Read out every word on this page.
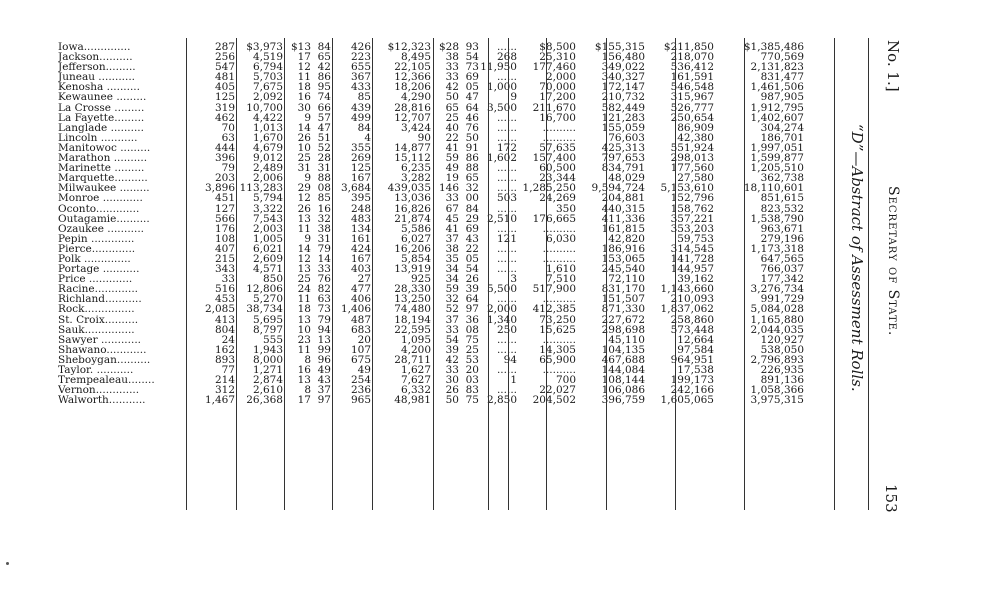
Iowa..............	287	$3,973	$13	84	426	$12,323	$28	93	......	$8,500	$155,315	$211,850	$1,385,486
Jackson..........	256	4,519	17	65	223	8,495	38	54	268	25,310	156,480	218,070	770,569
Jefferson.........	547	6,794	12	42	655	22,105	33	73	11,950	177,460	349,022	536,412	2,131,823
Juneau ...........	481	5,703	11	86	367	12,366	33	69	......	2,000	340,327	161,591	831,477
Kenosha ..........	405	7,675	18	95	433	18,206	42	05	1,000	70,000	172,147	546,548	1,461,506
Kewaunee .........	125	2,092	16	74	85	4,290	50	47	9	17,200	210,732	315,967	987,905
La Crosse .........	319	10,700	30	66	439	28,816	65	64	3,500	211,670	582,449	526,777	1,912,795
La Fayette.........	462	4,422	9	57	499	12,707	25	46	......	16,700	121,283	250,654	1,402,607
Langlade ..........	70	1,013	14	47	84	3,424	40	76	......	..........	155,059	86,909	304,274
Lincoln ...........	63	1,670	26	51	4	90	22	50	......	..........	76,603	42,380	186,701
Manitowoc .........	444	4,679	10	52	355	14,877	41	91	172	57,635	425,313	551,924	1,997,051
Marathon ..........	396	9,012	25	28	269	15,112	59	86	1,602	157,400	797,653	298,013	1,599,877
Marinette .........	79	2,489	31	31	125	6,235	49	88	......	60,500	834,791	177,560	1,205,510
Marquette..........	203	2,006	9	88	167	3,282	19	65	......	23,344	48,029	27,580	362,738
Milwaukee .........	3,896	113,283	29	08	3,684	439,035	146	32	......	1,285,250	9,594,724	5,153,610	18,110,601
Monroe ............	451	5,794	12	85	395	13,036	33	00	503	24,269	204,881	152,796	851,615
Oconto.............	127	3,322	26	16	248	16,826	67	84	......	350	440,315	158,762	823,532
Outagamie..........	566	7,543	13	32	483	21,874	45	29	2,510	176,665	411,336	357,221	1,538,790
Ozaukee ...........	176	2,003	11	38	134	5,586	41	69	......	..........	161,815	353,203	963,671
Pepin .............	108	1,005	9	31	161	6,027	37	43	121	6,030	42,820	59,753	279,196
Pierce.............	407	6,021	14	79	424	16,206	38	22	......	..........	186,916	314,545	1,173,318
Polk ..............	215	2,609	12	14	167	5,854	35	05	......	..........	153,065	141,728	647,565
Portage ...........	343	4,571	13	33	403	13,919	34	54	......	1,610	245,540	144,957	766,037
Price .............	33	850	25	76	27	925	34	26	3	7,510	72,110	39,162	177,342
Racine.............	516	12,806	24	82	477	28,330	59	39	5,500	517,900	831,170	1,143,660	3,276,734
Richland...........	453	5,270	11	63	406	13,250	32	64	......	..........	151,507	210,093	991,729
Rock...............	2,085	38,734	18	73	1,406	74,480	52	97	2,000	412,385	871,330	1,837,062	5,084,028
St. Croix..........	413	5,695	13	79	487	18,194	37	36	1,340	73,250	227,672	258,860	1,165,880
Sauk...............	804	8,797	10	94	683	22,595	33	08	250	15,625	298,698	573,448	2,044,035
Sawyer ............	24	555	23	13	20	1,095	54	75	......	..........	45,110	12,664	120,927
Shawano............	162	1,943	11	99	107	4,200	39	25	......	14,305	104,135	97,584	538,050
Sheboygan..........	893	8,000	8	96	675	28,711	42	53	94	65,900	467,688	964,951	2,796,893
Taylor. ...........	77	1,271	16	49	49	1,627	33	20	......	..........	144,084	17,538	226,935
Trempealeau........	214	2,874	13	43	254	7,627	30	03	1	700	108,144	199,173	891,136
Vernon.............	312	2,610	8	37	236	6,332	26	83	......	22,027	106,086	242,166	1,058,366
Walworth...........	1,467	26,368	17	97	965	48,981	50	75	2,850	204,502	396,759	1,605,065	3,975,315
No. 1.]
Secretary of State.
“D”—Abstract of Assessment Rolls.
153
